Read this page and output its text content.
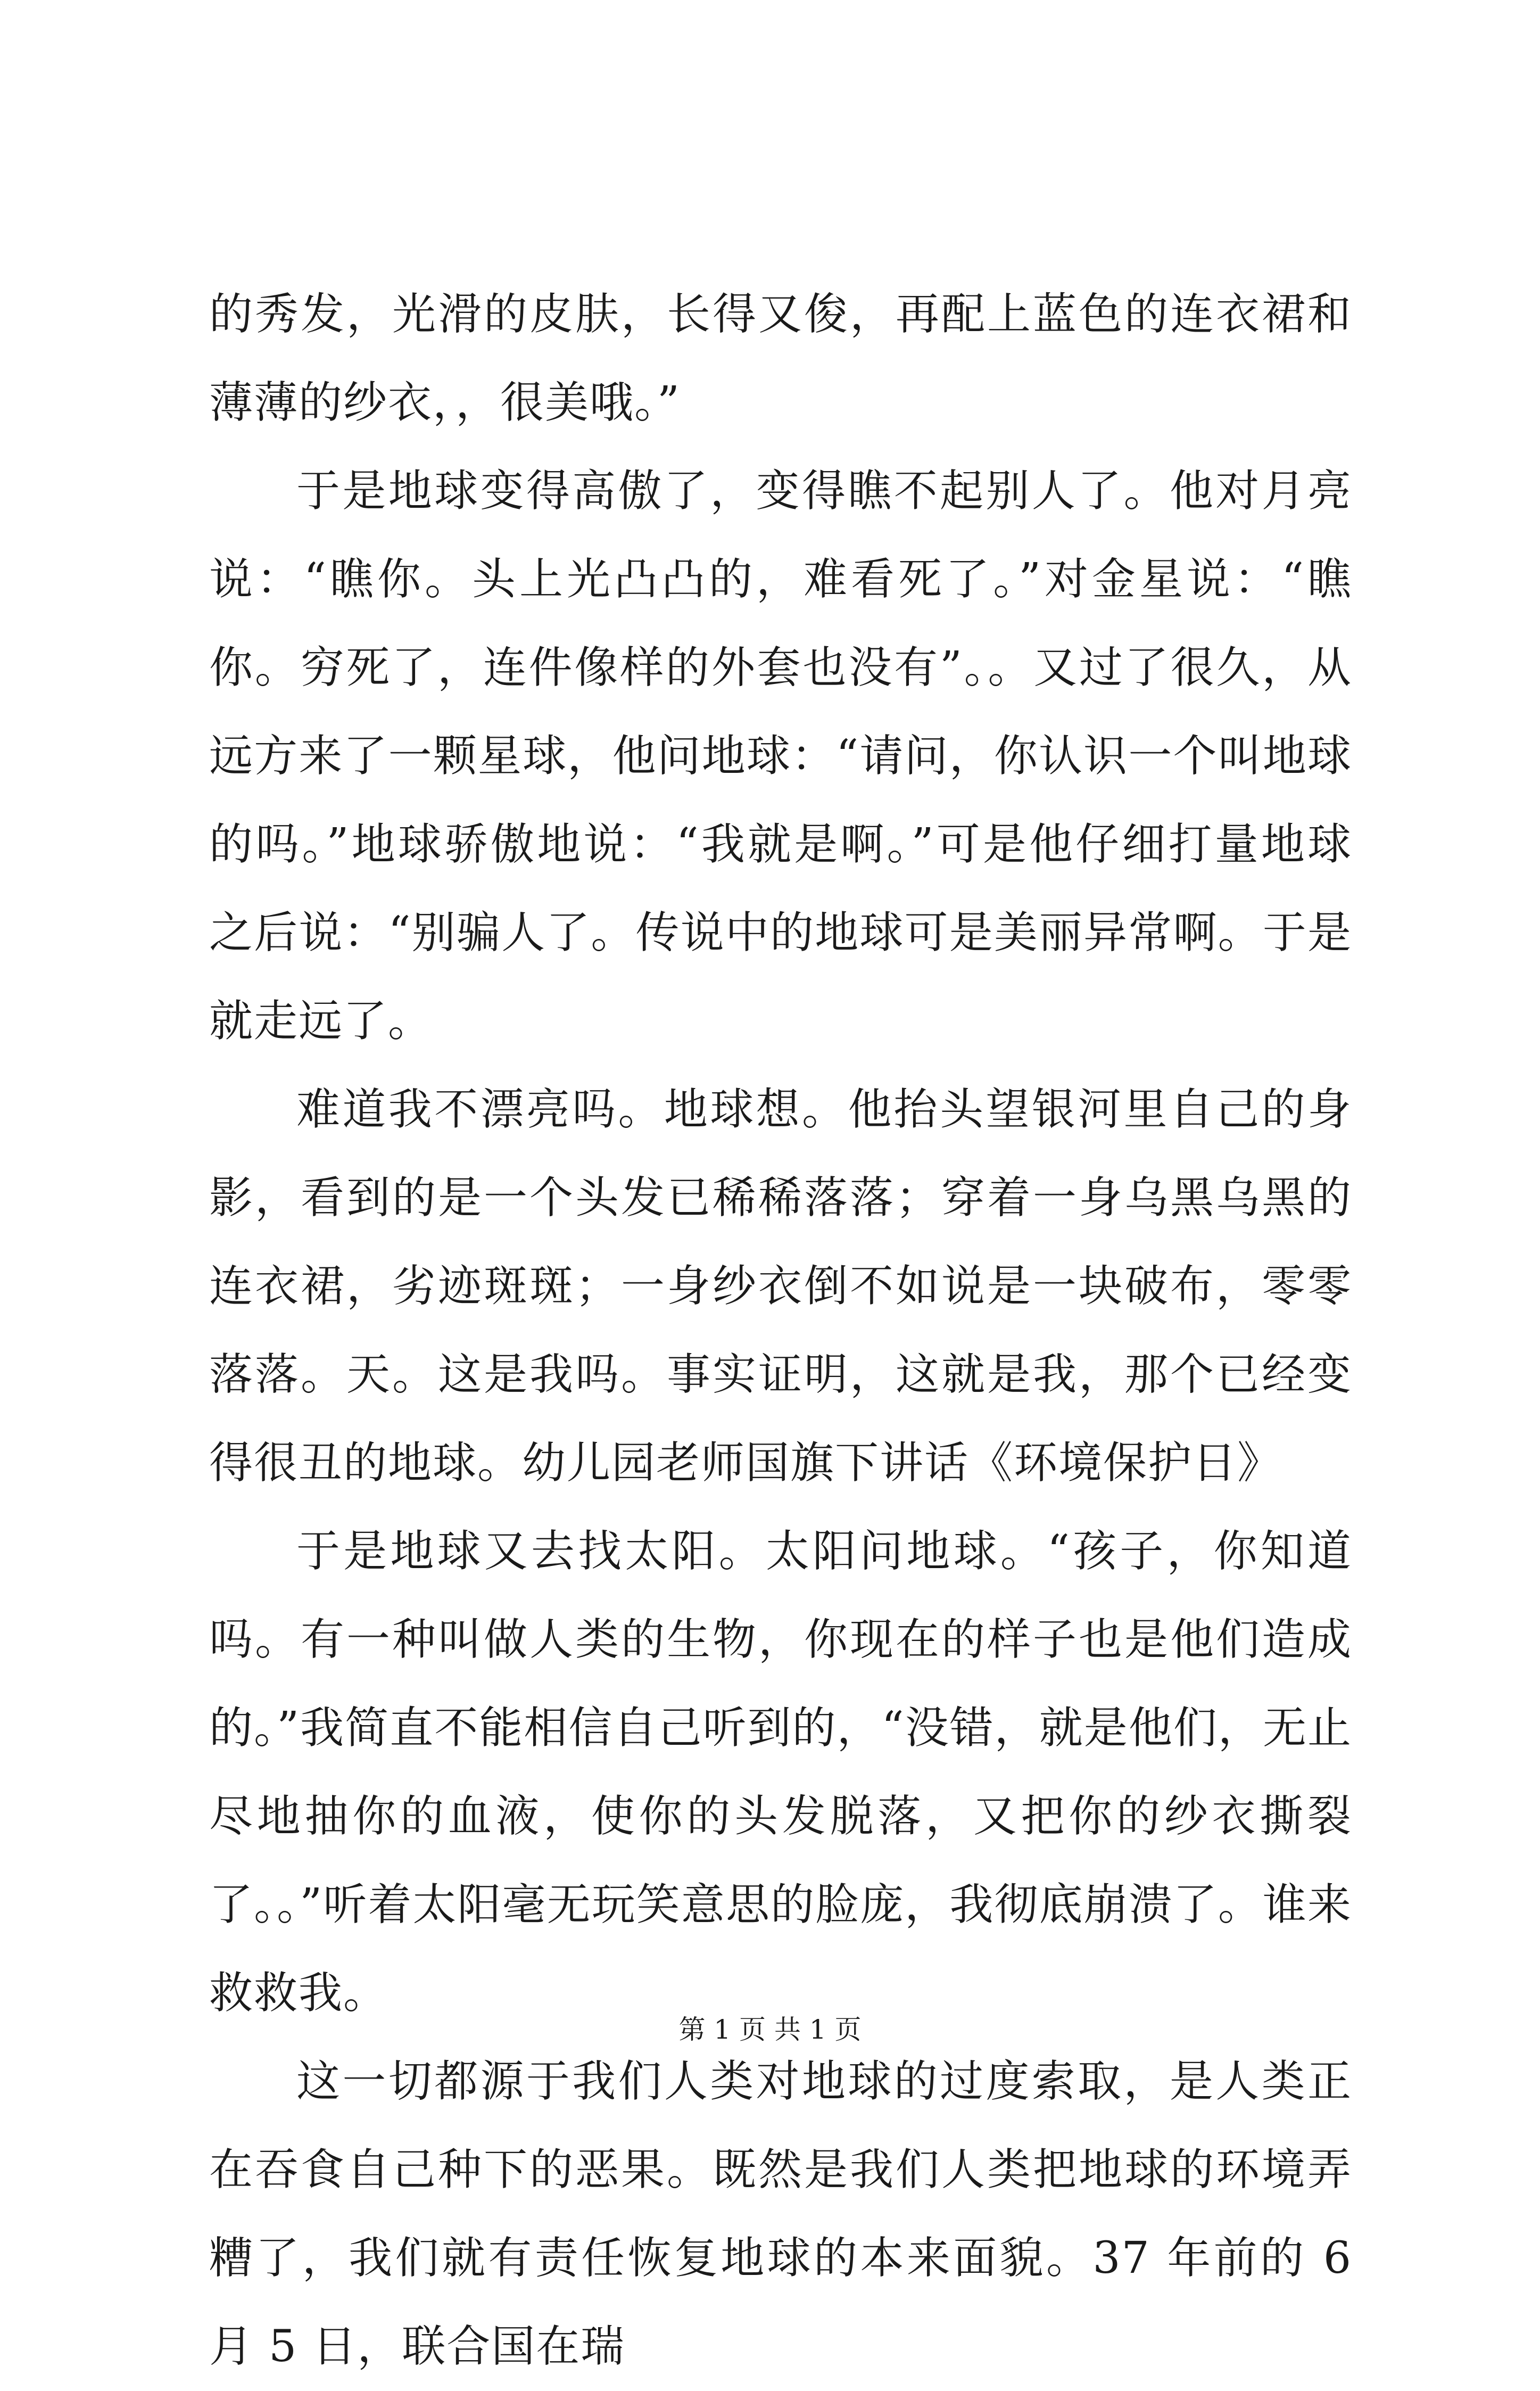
的秀发，光滑的皮肤，长得又俊，再配上蓝色的连衣裙和薄薄的纱衣，，很美哦。”

于是地球变得高傲了，变得瞧不起别人了。他对月亮说：“瞧你。头上光凸凸的，难看死了。”对金星说：“瞧你。穷死了，连件像样的外套也没有”。。又过了很久，从远方来了一颗星球，他问地球：“请问，你认识一个叫地球的吗。”地球骄傲地说：“我就是啊。”可是他仔细打量地球之后说：“别骗人了。传说中的地球可是美丽异常啊。于是就走远了。

难道我不漂亮吗。地球想。他抬头望银河里自己的身影，看到的是一个头发已稀稀落落；穿着一身乌黑乌黑的连衣裙，劣迹斑斑；一身纱衣倒不如说是一块破布，零零落落。天。这是我吗。事实证明，这就是我，那个已经变得很丑的地球。幼儿园老师国旗下讲话《环境保护日》

于是地球又去找太阳。太阳问地球。“孩子，你知道吗。有一种叫做人类的生物，你现在的样子也是他们造成的。”我简直不能相信自己听到的，“没错，就是他们，无止尽地抽你的血液，使你的头发脱落，又把你的纱衣撕裂了。。”听着太阳毫无玩笑意思的脸庞，我彻底崩溃了。谁来救救我。

这一切都源于我们人类对地球的过度索取，是人类正在吞食自己种下的恶果。既然是我们人类把地球的环境弄糟了，我们就有责任恢复地球的本来面貌。37 年前的 6 月 5 日，联合国在瑞

第 1 页 共 1 页
